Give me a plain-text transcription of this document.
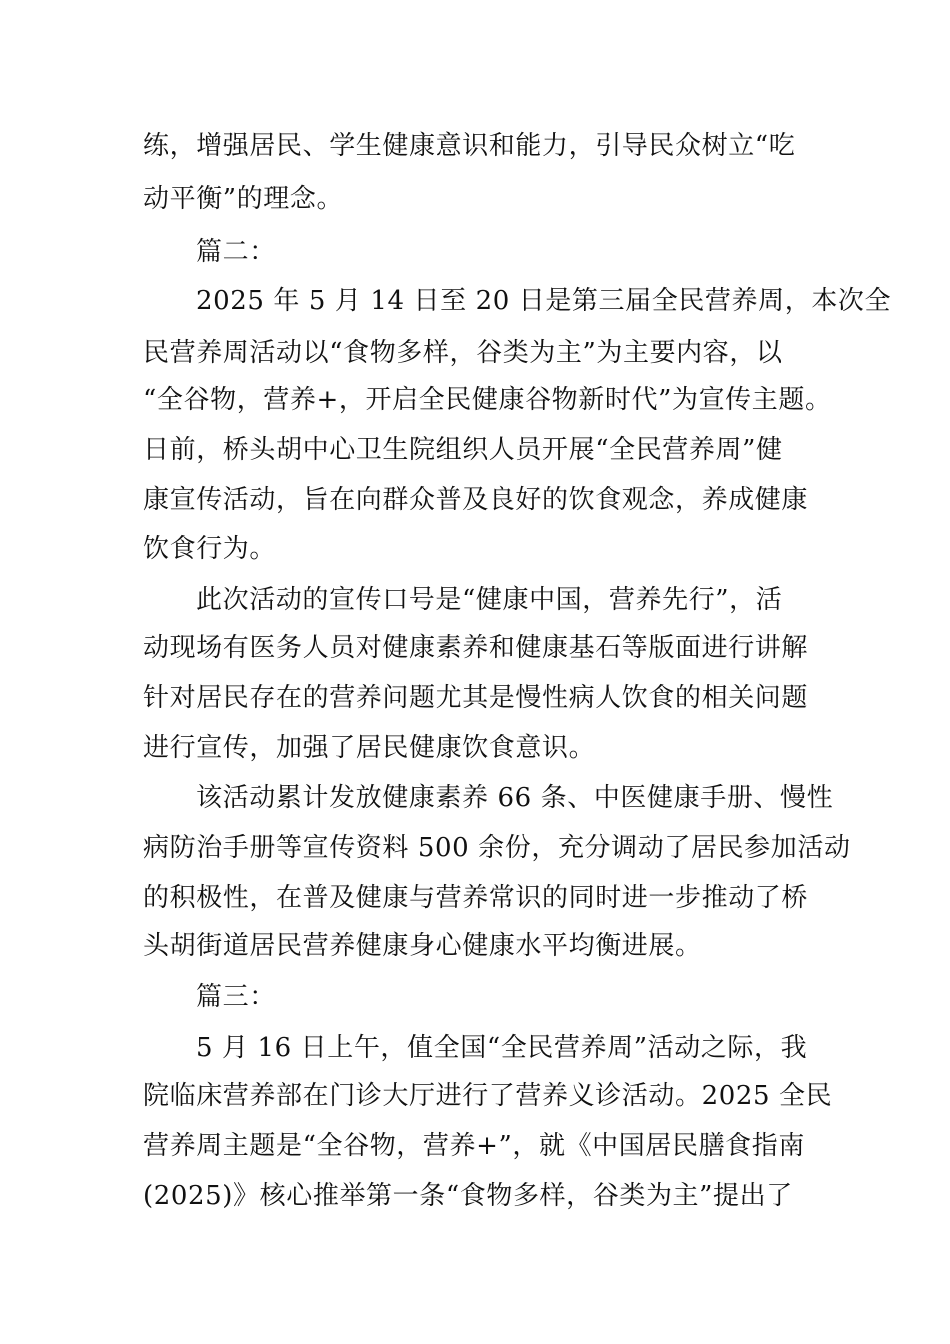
练，增强居民、学生健康意识和能力，引导民众树立“吃

动平衡”的理念。

篇二：

2025 年 5 月 14 日至 20 日是第三届全民营养周，本次全

民营养周活动以“食物多样，谷类为主”为主要内容，以

“全谷物，营养+，开启全民健康谷物新时代”为宣传主题。

日前，桥头胡中心卫生院组织人员开展“全民营养周”健

康宣传活动，旨在向群众普及良好的饮食观念，养成健康

饮食行为。

此次活动的宣传口号是“健康中国，营养先行”，活

动现场有医务人员对健康素养和健康基石等版面进行讲解

针对居民存在的营养问题尤其是慢性病人饮食的相关问题

进行宣传，加强了居民健康饮食意识。

该活动累计发放健康素养 66 条、中医健康手册、慢性

病防治手册等宣传资料 500 余份，充分调动了居民参加活动

的积极性，在普及健康与营养常识的同时进一步推动了桥

头胡街道居民营养健康身心健康水平均衡进展。

篇三：

5 月 16 日上午，值全国“全民营养周”活动之际，我

院临床营养部在门诊大厅进行了营养义诊活动。2025 全民

营养周主题是“全谷物，营养+”，就《中国居民膳食指南

(2025)》核心推举第一条“食物多样，谷类为主”提出了
